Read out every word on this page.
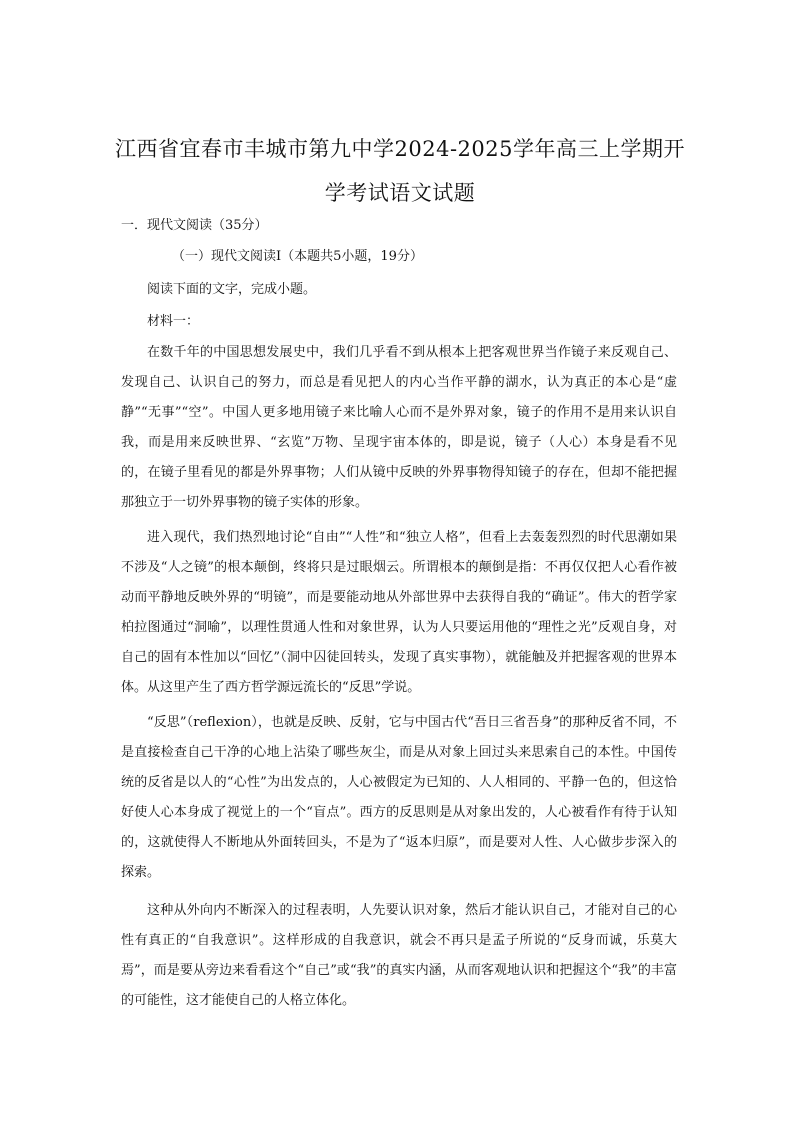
江西省宜春市丰城市第九中学2024-2025学年高三上学期开
学考试语文试题
一．现代文阅读（35分）
（一）现代文阅读I（本题共5小题，19分）
阅读下面的文字，完成小题。
材料一：

在数千年的中国思想发展史中，我们几乎看不到从根本上把客观世界当作镜子来反观自己、发现自己、认识自己的努力，而总是看见把人的内心当作平静的湖水，认为真正的本心是“虚静”“无事”“空”。中国人更多地用镜子来比喻人心而不是外界对象，镜子的作用不是用来认识自我，而是用来反映世界、“玄览”万物、呈现宇宙本体的，即是说，镜子（人心）本身是看不见的，在镜子里看见的都是外界事物；人们从镜中反映的外界事物得知镜子的存在，但却不能把握那独立于一切外界事物的镜子实体的形象。

进入现代，我们热烈地讨论“自由”“人性”和“独立人格”，但看上去轰轰烈烈的时代思潮如果不涉及“人之镜”的根本颠倒，终将只是过眼烟云。所谓根本的颠倒是指：不再仅仅把人心看作被动而平静地反映外界的“明镜”，而是要能动地从外部世界中去获得自我的“确证”。伟大的哲学家柏拉图通过“洞喻”，以理性贯通人性和对象世界，认为人只要运用他的“理性之光”反观自身，对自己的固有本性加以“回忆”（洞中囚徒回转头，发现了真实事物），就能触及并把握客观的世界本体。从这里产生了西方哲学源远流长的“反思”学说。

“反思”（reflexion），也就是反映、反射，它与中国古代“吾日三省吾身”的那种反省不同，不是直接检查自己干净的心地上沾染了哪些灰尘，而是从对象上回过头来思索自己的本性。中国传统的反省是以人的“心性”为出发点的，人心被假定为已知的、人人相同的、平静一色的，但这恰好使人心本身成了视觉上的一个“盲点”。西方的反思则是从对象出发的，人心被看作有待于认知的，这就使得人不断地从外面转回头，不是为了“返本归原”，而是要对人性、人心做步步深入的探索。

这种从外向内不断深入的过程表明，人先要认识对象，然后才能认识自己，才能对自己的心性有真正的“自我意识”。这样形成的自我意识，就会不再只是孟子所说的“反身而诚，乐莫大焉”，而是要从旁边来看看这个“自己”或“我”的真实内涵，从而客观地认识和把握这个“我”的丰富的可能性，这才能使自己的人格立体化。
